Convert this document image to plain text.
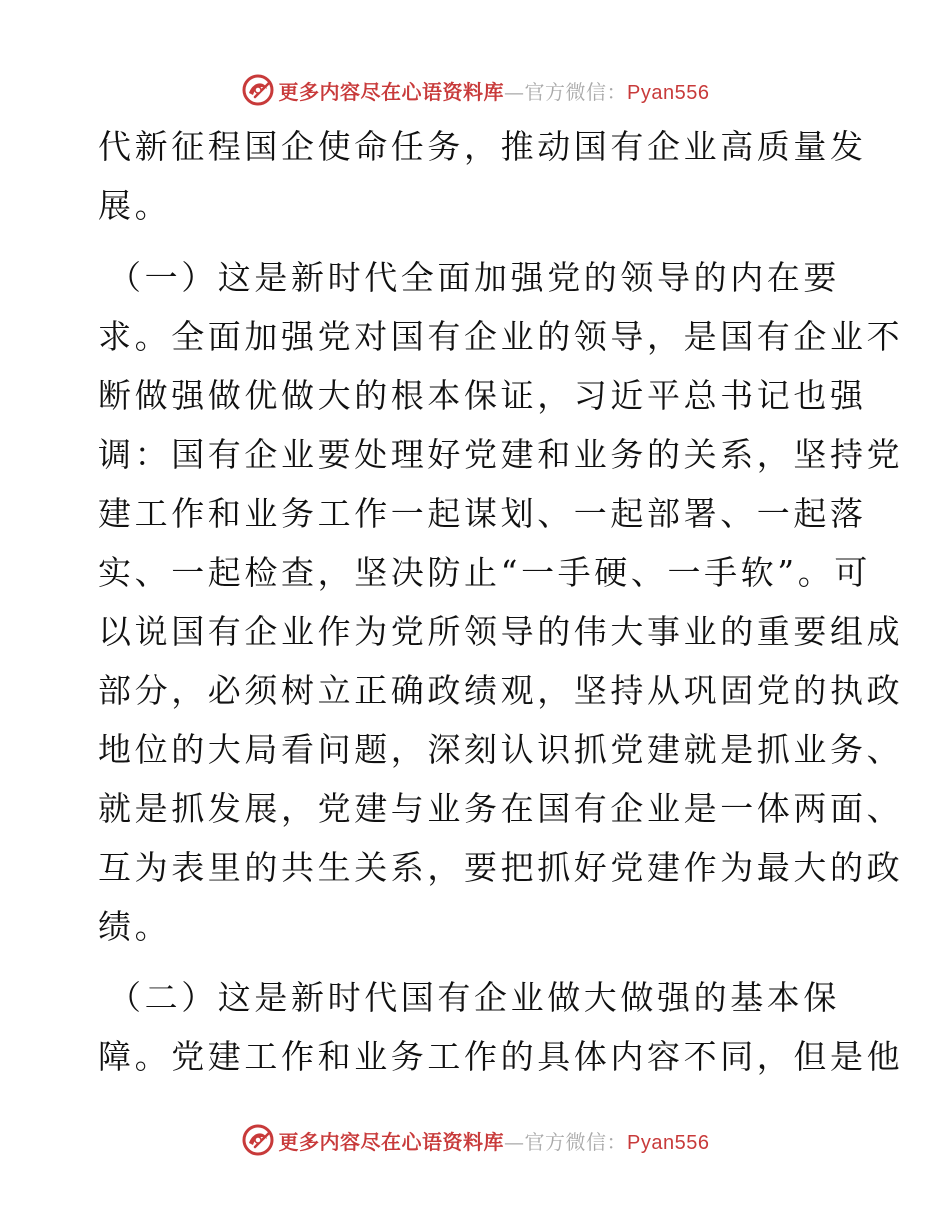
更多内容尽在心语资料库—官方微信：Pyan556
代新征程国企使命任务，推动国有企业高质量发
展。
（一）这是新时代全面加强党的领导的内在要
求。全面加强党对国有企业的领导，是国有企业不
断做强做优做大的根本保证，习近平总书记也强
调：国有企业要处理好党建和业务的关系，坚持党
建工作和业务工作一起谋划、一起部署、一起落
实、一起检查，坚决防止“一手硬、一手软”。可
以说国有企业作为党所领导的伟大事业的重要组成
部分，必须树立正确政绩观，坚持从巩固党的执政
地位的大局看问题，深刻认识抓党建就是抓业务、
就是抓发展，党建与业务在国有企业是一体两面、
互为表里的共生关系，要把抓好党建作为最大的政
绩。
（二）这是新时代国有企业做大做强的基本保
障。党建工作和业务工作的具体内容不同，但是他
更多内容尽在心语资料库—官方微信：Pyan556
